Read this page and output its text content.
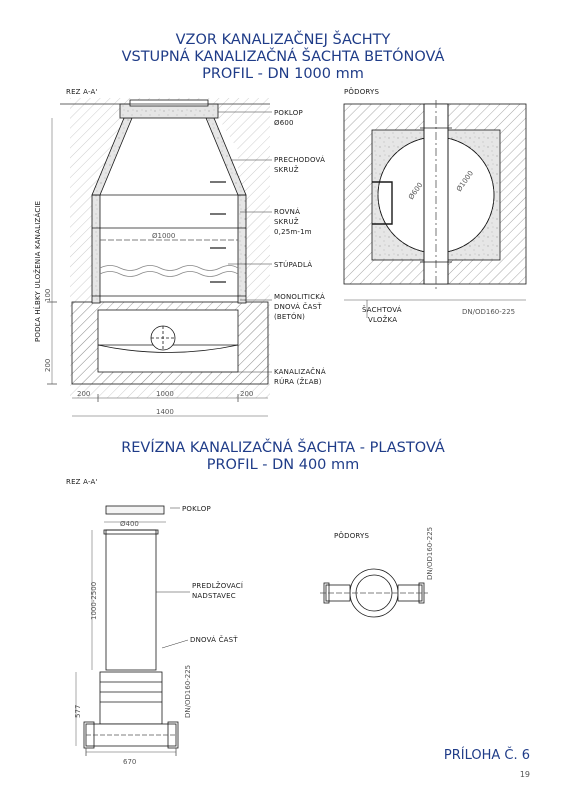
VZOR KANALIZAČNEJ ŠACHTY
VSTUPNÁ KANALIZAČNÁ ŠACHTA BETÓNOVÁ
PROFIL - DN 1000 mm
REVÍZNA KANALIZAČNÁ ŠACHTA - PLASTOVÁ
PROFIL - DN 400 mm
REZ A-A'	PÔDORYS
PODĽA HĹBKY ULOŽENIA KANALIZÁCIE
POKLOP
Ø600
PRECHODOVÁ
SKRUŽ
ROVNÁ
SKRUŽ
0,25m-1m
STÚPADLÁ
MONOLITICKÁ
DNOVÁ ČASŤ
(BETÓN)
KANALIZAČNÁ
RÚRA (ŽĽAB)
Ø1000
100
200
200	1000	200
1400
ŠACHTOVÁ
VLOŽKA
DN/OD160-225
Ø600	Ø1000
REZ A-A'
PÔDORYS
POKLOP
PREDLŽOVACÍ
NADSTAVEC
DNOVÁ ČASŤ
Ø400
1000-2500
577
670
DN/OD160-225
DN/OD160-225
PRÍLOHA Č. 6
19
